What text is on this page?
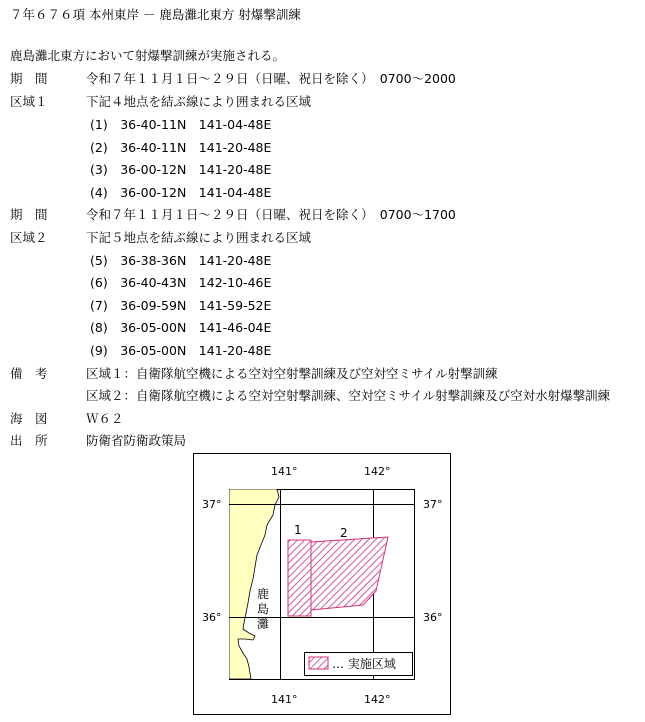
７年６７６項 本州東岸 － 鹿島灘北東方 射爆撃訓練
鹿島灘北東方において射爆撃訓練が実施される。
期　間	令和７年１１月１日～２９日（日曜、祝日を除く）　0700～2000
区域１	下記４地点を結ぶ線により囲まれる区域
(1)　36-40-11N　141-04-48E
(2)　36-40-11N　141-20-48E
(3)　36-00-12N　141-20-48E
(4)　36-00-12N　141-04-48E
期　間	令和７年１１月１日～２９日（日曜、祝日を除く）　0700～1700
区域２	下記５地点を結ぶ線により囲まれる区域
(5)　36-38-36N　141-20-48E
(6)　36-40-43N　142-10-46E
(7)　36-09-59N　141-59-52E
(8)　36-05-00N　141-46-04E
(9)　36-05-00N　141-20-48E
備　考	区域１：自衛隊航空機による空対空射撃訓練及び空対空ミサイル射撃訓練
区域２：自衛隊航空機による空対空射撃訓練、空対空ミサイル射撃訓練及び空対水射爆撃訓練
海　図	Ｗ６２
出　所	防衛省防衛政策局
141°	142°
141°	142°
37°	37°
36°	36°
1	2
鹿
島
灘
… 実施区域
